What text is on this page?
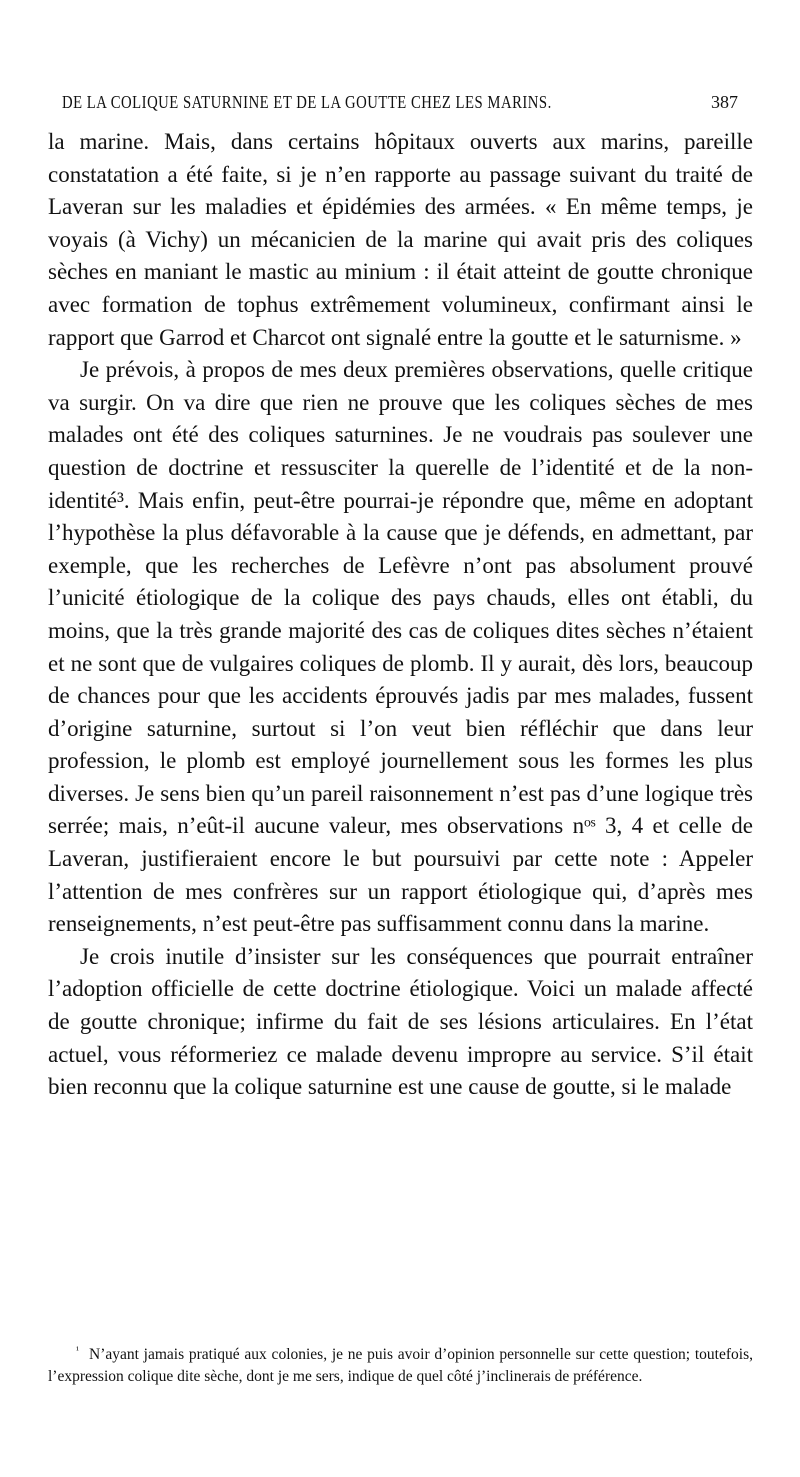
DE LA COLIQUE SATURNINE ET DE LA GOUTTE CHEZ LES MARINS.	387

la marine. Mais, dans certains hôpitaux ouverts aux marins, pareille constatation a été faite, si je n’en rapporte au passage suivant du traité de Laveran sur les maladies et épidémies des armées. « En même temps, je voyais (à Vichy) un mécanicien de la marine qui avait pris des coliques sèches en maniant le mastic au minium : il était atteint de goutte chronique avec formation de tophus extrêmement volumineux, confirmant ainsi le rapport que Garrod et Charcot ont signalé entre la goutte et le saturnisme. »

Je prévois, à propos de mes deux premières observations, quelle critique va surgir. On va dire que rien ne prouve que les coliques sèches de mes malades ont été des coliques saturnines. Je ne voudrais pas soulever une question de doctrine et ressusciter la querelle de l’identité et de la non-identité³. Mais enfin, peut-être pourrai-je répondre que, même en adoptant l’hypothèse la plus défavorable à la cause que je défends, en admettant, par exemple, que les recherches de Lefèvre n’ont pas absolument prouvé l’unicité étiologique de la colique des pays chauds, elles ont établi, du moins, que la très grande majorité des cas de coliques dites sèches n’étaient et ne sont que de vulgaires coliques de plomb. Il y aurait, dès lors, beaucoup de chances pour que les accidents éprouvés jadis par mes malades, fussent d’origine saturnine, surtout si l’on veut bien réfléchir que dans leur profession, le plomb est employé journellement sous les formes les plus diverses. Je sens bien qu’un pareil raisonnement n’est pas d’une logique très serrée; mais, n’eût-il aucune valeur, mes observations nᵒˢ 3, 4 et celle de Laveran, justifieraient encore le but poursuivi par cette note : Appeler l’attention de mes confrères sur un rapport étiologique qui, d’après mes renseignements, n’est peut-être pas suffisamment connu dans la marine.

Je crois inutile d’insister sur les conséquences que pourrait entraîner l’adoption officielle de cette doctrine étiologique. Voici un malade affecté de goutte chronique; infirme du fait de ses lésions articulaires. En l’état actuel, vous réformeriez ce malade devenu impropre au service. S’il était bien reconnu que la colique saturnine est une cause de goutte, si le malade

$^{^1}$ N’ayant jamais pratiqué aux colonies, je ne puis avoir d’opinion personnelle sur cette question; toutefois, l’expression colique dite sèche, dont je me sers, indique de quel côté j’inclinerais de préférence.
